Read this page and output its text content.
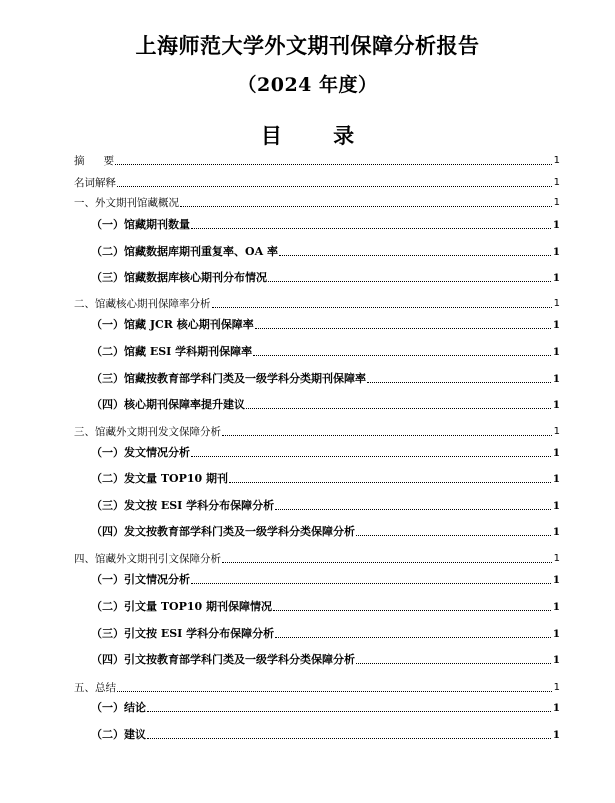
上海师范大学外文期刊保障分析报告
（2024 年度）
目 录
摘要	1
名词解释	1
一、外文期刊馆藏概况	1
（一）馆藏期刊数量	1
（二）馆藏数据库期刊重复率、OA 率	1
（三）馆藏数据库核心期刊分布情况	1
二、馆藏核心期刊保障率分析	1
（一）馆藏 JCR 核心期刊保障率	1
（二）馆藏 ESI 学科期刊保障率	1
（三）馆藏按教育部学科门类及一级学科分类期刊保障率	1
（四）核心期刊保障率提升建议	1
三、馆藏外文期刊发文保障分析	1
（一）发文情况分析	1
（二）发文量 TOP10 期刊	1
（三）发文按 ESI 学科分布保障分析	1
（四）发文按教育部学科门类及一级学科分类保障分析	1
四、馆藏外文期刊引文保障分析	1
（一）引文情况分析	1
（二）引文量 TOP10 期刊保障情况	1
（三）引文按 ESI 学科分布保障分析	1
（四）引文按教育部学科门类及一级学科分类保障分析	1
五、总结	1
（一）结论	1
（二）建议	1
